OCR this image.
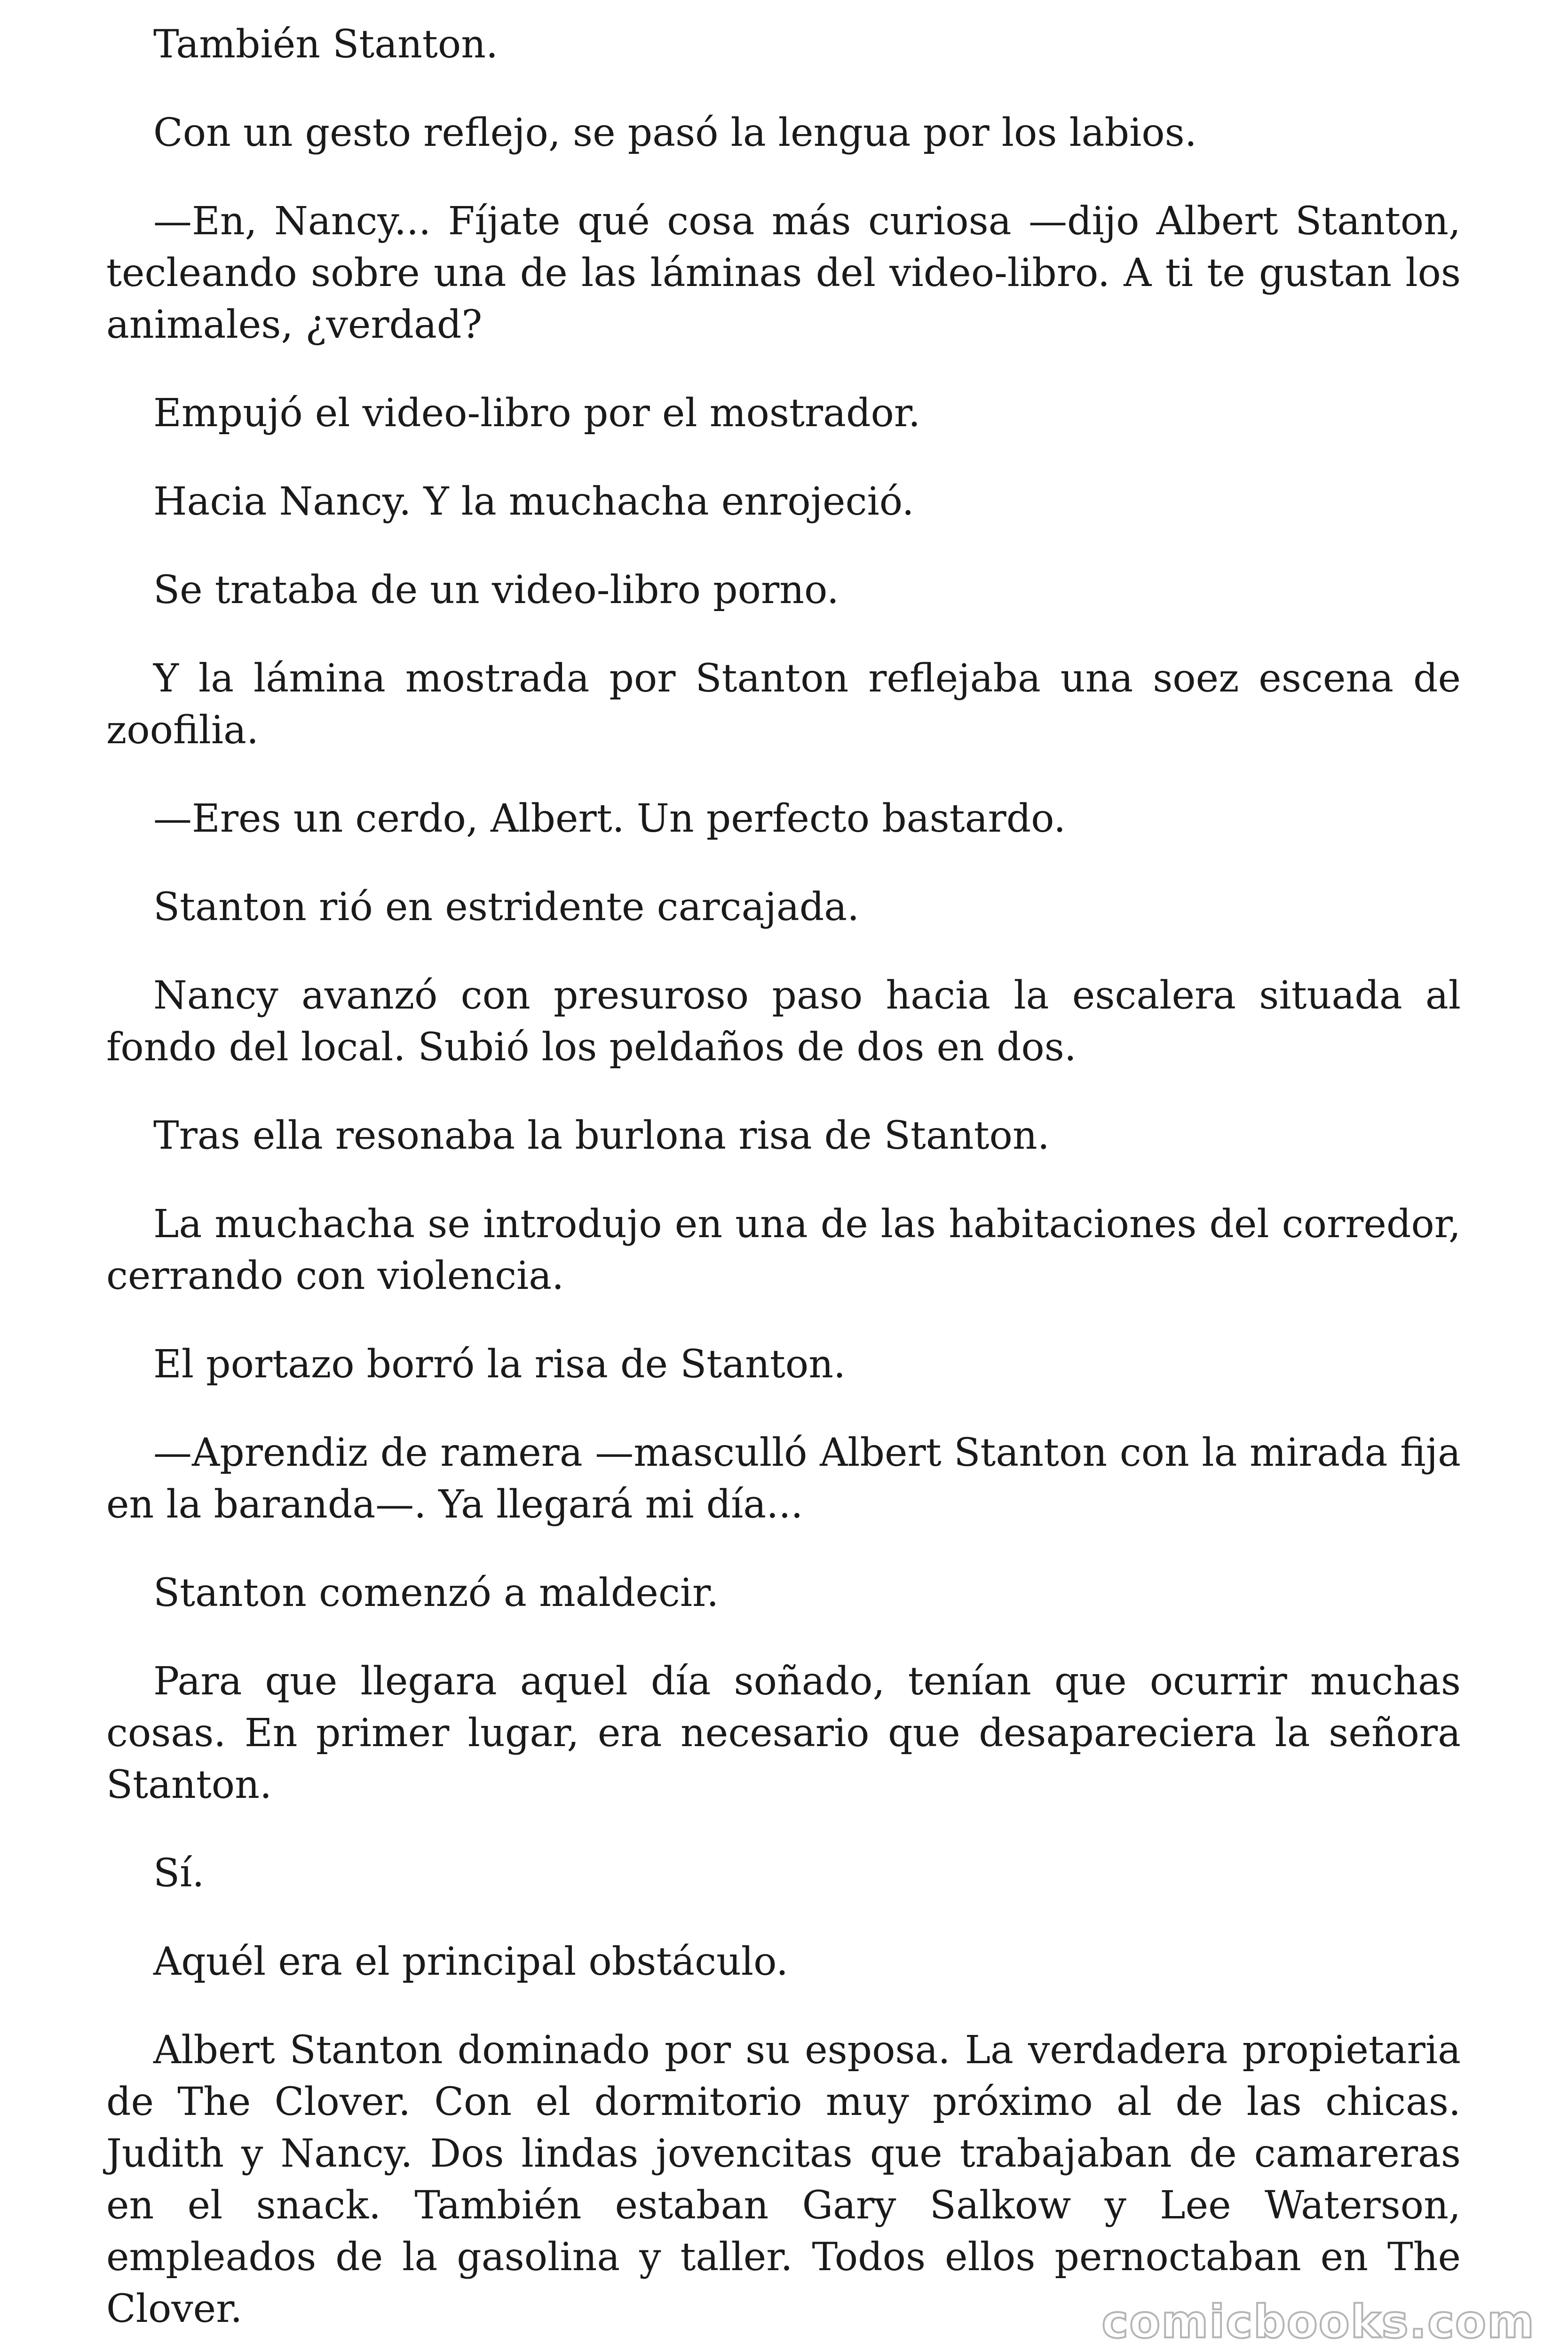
También Stanton.

Con un gesto reflejo, se pasó la lengua por los labios.

—En, Nancy... Fíjate qué cosa más curiosa —dijo Albert Stanton, tecleando sobre una de las láminas del video-libro. A ti te gustan los animales, ¿verdad?

Empujó el video-libro por el mostrador.

Hacia Nancy. Y la muchacha enrojeció.

Se trataba de un video-libro porno.

Y la lámina mostrada por Stanton reflejaba una soez escena de zoofilia.

—Eres un cerdo, Albert. Un perfecto bastardo.

Stanton rió en estridente carcajada.

Nancy avanzó con presuroso paso hacia la escalera situada al fondo del local. Subió los peldaños de dos en dos.

Tras ella resonaba la burlona risa de Stanton.

La muchacha se introdujo en una de las habitaciones del corredor, cerrando con violencia.

El portazo borró la risa de Stanton.

—Aprendiz de ramera —masculló Albert Stanton con la mirada fija en la baranda—. Ya llegará mi día...

Stanton comenzó a maldecir.

Para que llegara aquel día soñado, tenían que ocurrir muchas cosas. En primer lugar, era necesario que desapareciera la señora Stanton.

Sí.

Aquél era el principal obstáculo.

Albert Stanton dominado por su esposa. La verdadera propietaria de The Clover. Con el dormitorio muy próximo al de las chicas. Judith y Nancy. Dos lindas jovencitas que trabajaban de camareras en el snack. También estaban Gary Salkow y Lee Waterson, empleados de la gasolina y taller. Todos ellos pernoctaban en The Clover.	comicbooks.com
